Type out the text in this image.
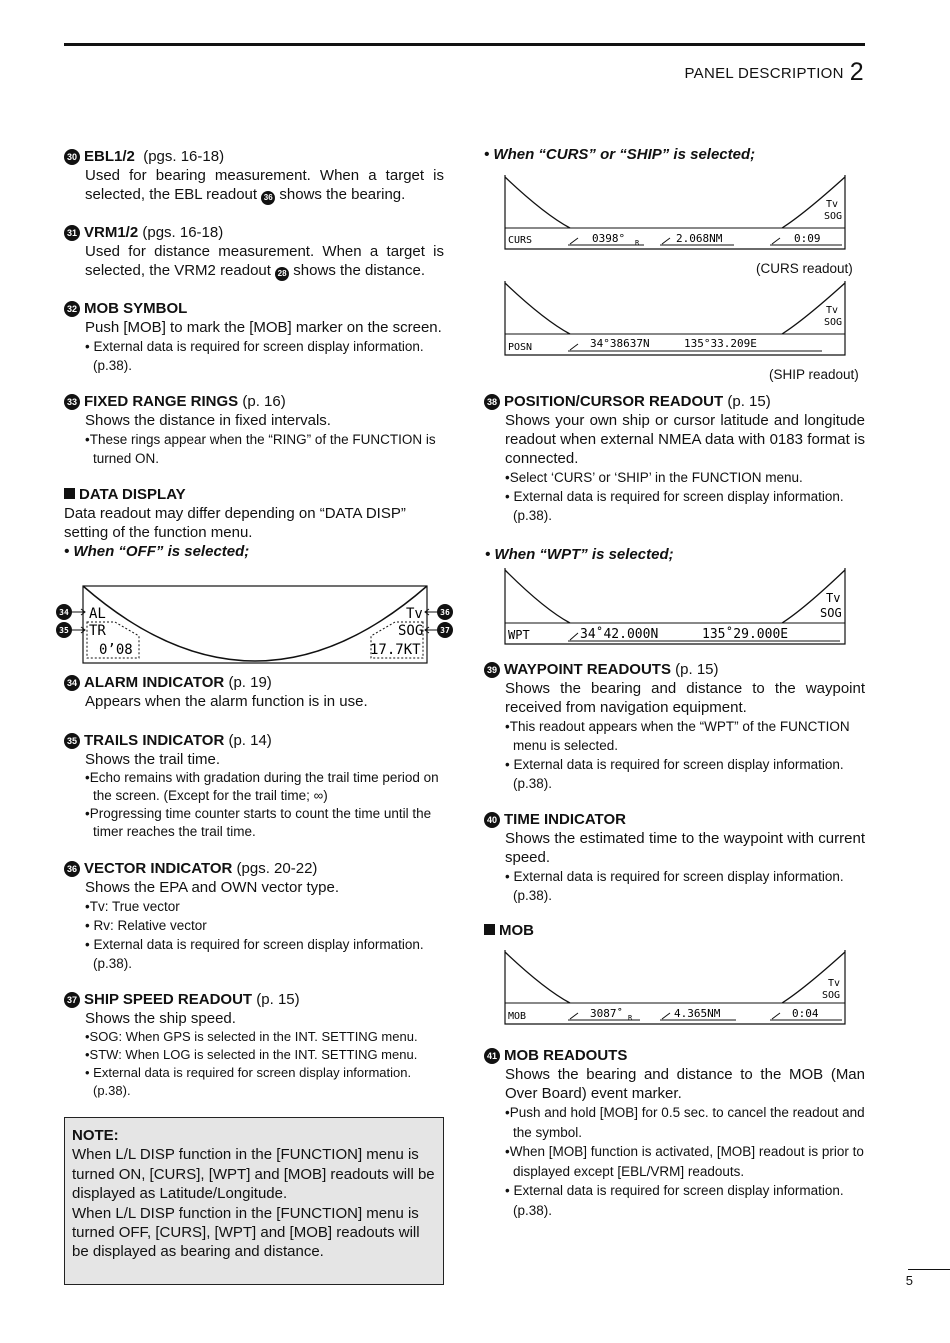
PANEL DESCRIPTION 2
30 EBL1/2
(pgs. 16-18)
Used for bearing measurement. When a target is
selected, the EBL readout 36 shows the bearing.
31 VRM1/2
(pgs. 16-18)
Used for distance measurement. When a target is
selected, the VRM2 readout 28 shows the distance.
32 MOB SYMBOL
Push [MOB] to mark the [MOB] marker on the screen.
• External data is required for screen display information. (p.38).
33 FIXED RANGE RINGS
(p. 16)
Shows the distance in fixed intervals.
•These rings appear when the “RING” of the FUNCTION is turned ON.
DATA DISPLAY
Data readout may differ depending on “DATA DISP”
setting of the function menu.
• When “OFF” is selected;
AL
TR
0’08
Tv
SOG
17.7KT
34
35
36
37
34 ALARM INDICATOR
(p. 19)
Appears when the alarm function is in use.
35 TRAILS INDICATOR
(p. 14)
Shows the trail time.
•Echo remains with gradation during the trail time period on the screen. (Except for the trail time; ∞)
•Progressing time counter starts to count the time until the timer reaches the trail time.
36 VECTOR INDICATOR
(pgs. 20-22)
Shows the EPA and OWN vector type.
•Tv: True vector
• Rv: Relative vector
• External data is required for screen display information. (p.38).
37 SHIP SPEED READOUT
(p. 15)
Shows the ship speed.
•SOG: When GPS is selected in the INT. SETTING menu.
•STW: When LOG is selected in the INT. SETTING menu.
• External data is required for screen display information. (p.38).
NOTE:
When L/L DISP function in the [FUNCTION] menu is turned ON, [CURS], [WPT] and [MOB] readouts will be displayed as Latitude/Longitude.
When L/L DISP function in the [FUNCTION] menu is turned OFF, [CURS], [WPT] and [MOB] readouts will be displayed as bearing and distance.
• When “CURS” or “SHIP” is selected;
Tv
SOG
CURS	0398° R	2.068NM	0:09
(CURS readout)
Tv
SOG
POSN	34°38637N	135°33.209E
(SHIP readout)
38 POSITION/CURSOR READOUT
(p. 15)
Shows your own ship or cursor latitude and longitude readout when external NMEA data with 0183 format is connected.
•Select ‘CURS’ or ‘SHIP’ in the FUNCTION menu.
• External data is required for screen display information. (p.38).
• When “WPT” is selected;
Tv
SOG
WPT	34˚42.000N	135˚29.000E
39 WAYPOINT READOUTS
(p. 15)
Shows the bearing and distance to the waypoint received from navigation equipment.
•This readout appears when the “WPT” of the FUNCTION menu is selected.
• External data is required for screen display information. (p.38).
40 TIME INDICATOR
Shows the estimated time to the waypoint with current speed.
• External data is required for screen display information. (p.38).
MOB
Tv
SOG
MOB	3087˚ R	4.365NM	0:04
41 MOB READOUTS
Shows the bearing and distance to the MOB (Man Over Board) event marker.
•Push and hold [MOB] for 0.5 sec. to cancel the readout and the symbol.
•When [MOB] function is activated, [MOB] readout is prior to displayed except [EBL/VRM] readouts.
• External data is required for screen display information. (p.38).
5
